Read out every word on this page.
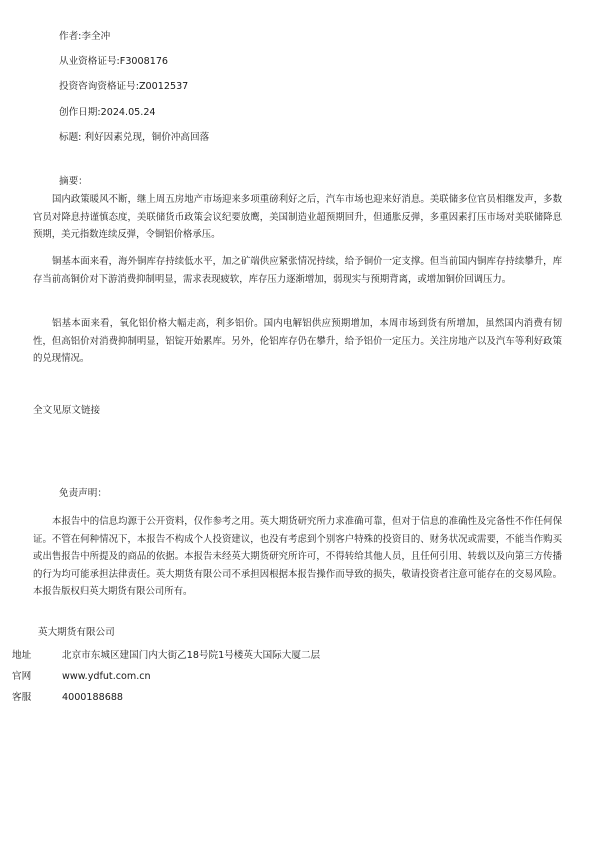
作者:李全冲
从业资格证号:F3008176
投资咨询资格证号:Z0012537
创作日期:2024.05.24
标题: 利好因素兑现，铜价冲高回落
摘要：
国内政策暖风不断，继上周五房地产市场迎来多项重磅利好之后，汽车市场也迎来好消息。美联储多位官员相继发声，多数官员对降息持谨慎态度，美联储货币政策会议纪要放鹰，美国制造业超预期回升，但通胀反弹，多重因素打压市场对美联储降息预期，美元指数连续反弹，令铜铝价格承压。
铜基本面来看，海外铜库存持续低水平，加之矿端供应紧张情况持续，给予铜价一定支撑。但当前国内铜库存持续攀升，库存当前高铜价对下游消费抑制明显，需求表现疲软，库存压力逐渐增加，弱现实与预期背离，或增加铜价回调压力。
铝基本面来看，氧化铝价格大幅走高，利多铝价。国内电解铝供应预期增加，本周市场到货有所增加，虽然国内消费有韧性，但高铝价对消费抑制明显，铝锭开始累库。另外，伦铝库存仍在攀升，给予铝价一定压力。关注房地产以及汽车等利好政策的兑现情况。
全文见原文链接
免责声明：
本报告中的信息均源于公开资料，仅作参考之用。英大期货研究所力求准确可靠，但对于信息的准确性及完备性不作任何保证。不管在何种情况下，本报告不构成个人投资建议，也没有考虑到个别客户特殊的投资目的、财务状况或需要，不能当作购买或出售报告中所提及的商品的依据。本报告未经英大期货研究所许可，不得转给其他人员，且任何引用、转载以及向第三方传播的行为均可能承担法律责任。英大期货有限公司不承担因根据本报告操作而导致的损失，敬请投资者注意可能存在的交易风险。本报告版权归英大期货有限公司所有。
英大期货有限公司
地址	北京市东城区建国门内大街乙18号院1号楼英大国际大厦二层
官网	www.ydfut.com.cn
客服	4000188688
